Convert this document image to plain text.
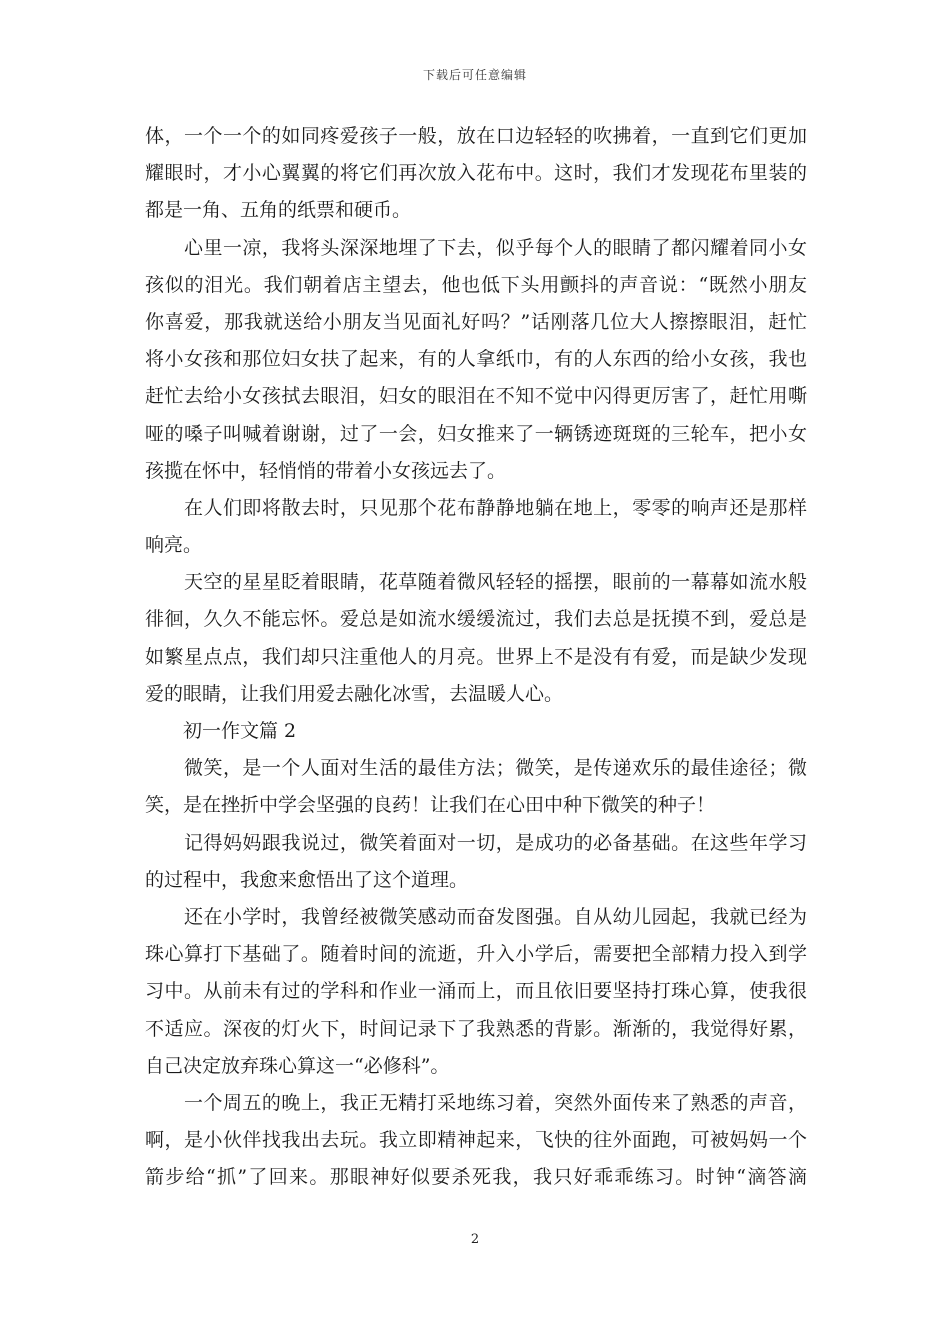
下载后可任意编辑
体，一个一个的如同疼爱孩子一般，放在口边轻轻的吹拂着，一直到它们更加
耀眼时，才小心翼翼的将它们再次放入花布中。这时，我们才发现花布里装的
都是一角、五角的纸票和硬币。
　　心里一凉，我将头深深地埋了下去，似乎每个人的眼睛了都闪耀着同小女
孩似的泪光。我们朝着店主望去，他也低下头用颤抖的声音说：“既然小朋友
你喜爱，那我就送给小朋友当见面礼好吗？”话刚落几位大人擦擦眼泪，赶忙
将小女孩和那位妇女扶了起来，有的人拿纸巾，有的人东西的给小女孩，我也
赶忙去给小女孩拭去眼泪，妇女的眼泪在不知不觉中闪得更厉害了，赶忙用嘶
哑的嗓子叫喊着谢谢，过了一会，妇女推来了一辆锈迹斑斑的三轮车，把小女
孩揽在怀中，轻悄悄的带着小女孩远去了。
　　在人们即将散去时，只见那个花布静静地躺在地上，零零的响声还是那样
响亮。
　　天空的星星眨着眼睛，花草随着微风轻轻的摇摆，眼前的一幕幕如流水般
徘徊，久久不能忘怀。爱总是如流水缓缓流过，我们去总是抚摸不到，爱总是
如繁星点点，我们却只注重他人的月亮。世界上不是没有有爱，而是缺少发现
爱的眼睛，让我们用爱去融化冰雪，去温暖人心。
　　初一作文篇 2
　　微笑，是一个人面对生活的最佳方法；微笑，是传递欢乐的最佳途径；微
笑，是在挫折中学会坚强的良药！让我们在心田中种下微笑的种子！
　　记得妈妈跟我说过，微笑着面对一切，是成功的必备基础。在这些年学习
的过程中，我愈来愈悟出了这个道理。
　　还在小学时，我曾经被微笑感动而奋发图强。自从幼儿园起，我就已经为
珠心算打下基础了。随着时间的流逝，升入小学后，需要把全部精力投入到学
习中。从前未有过的学科和作业一涌而上，而且依旧要坚持打珠心算，使我很
不适应。深夜的灯火下，时间记录下了我熟悉的背影。渐渐的，我觉得好累，
自己决定放弃珠心算这一“必修科”。
　　一个周五的晚上，我正无精打采地练习着，突然外面传来了熟悉的声音，
啊，是小伙伴找我出去玩。我立即精神起来，飞快的往外面跑，可被妈妈一个
箭步给“抓”了回来。那眼神好似要杀死我，我只好乖乖练习。时钟“滴答滴
2
